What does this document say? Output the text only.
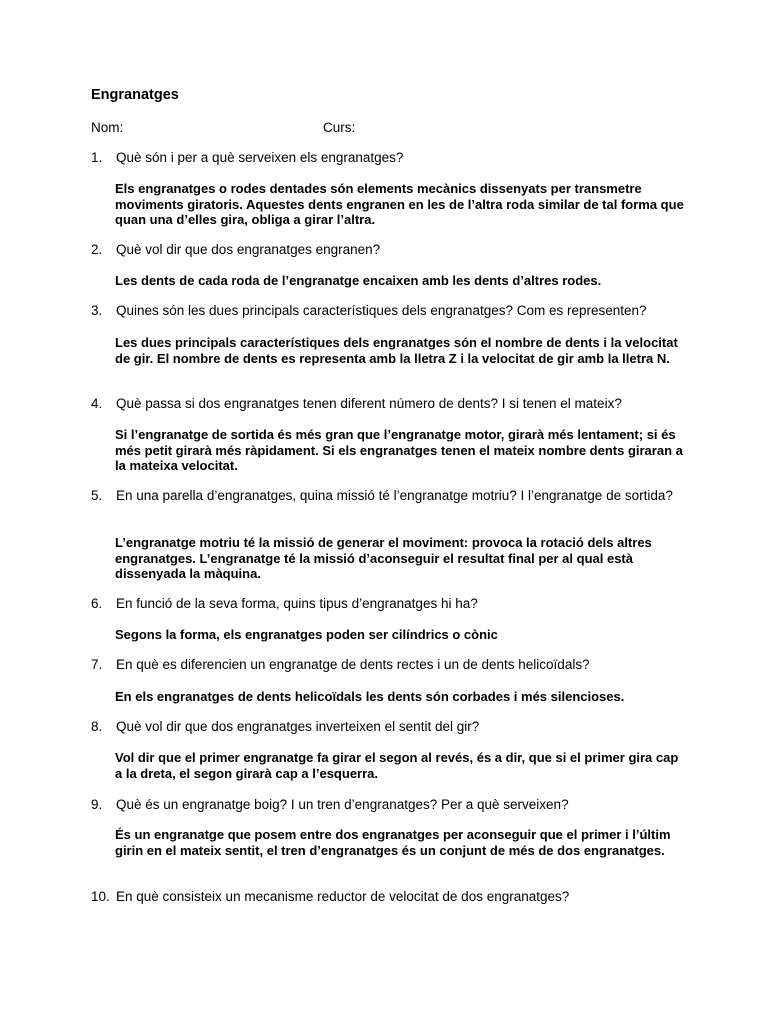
Engranatges
Nom:	Curs:
1. Què són i per a què serveixen els engranatges?
Els engranatges o rodes dentades són elements mecànics dissenyats per transmetre moviments giratoris. Aquestes dents engranen en les de l’altra roda similar de tal forma que quan una d’elles gira, obliga a girar l’altra.
2. Què vol dir que dos engranatges engranen?
Les dents de cada roda de l’engranatge encaixen amb les dents d’altres rodes.
3. Quines són les dues principals característiques dels engranatges? Com es representen?
Les dues principals característiques dels engranatges són el nombre de dents i la velocitat de gir. El nombre de dents es representa amb la lletra Z i la velocitat de gir amb la lletra N.
4. Què passa si dos engranatges tenen diferent número de dents? I si tenen el mateix?
Si l’engranatge de sortida és més gran que l’engranatge motor, girarà més lentament; si és més petit girarà més ràpidament. Si els engranatges tenen el mateix nombre dents giraran a la mateixa velocitat.
5. En una parella d’engranatges, quina missió té l’engranatge motriu? I l’engranatge de sortida?
L’engranatge motriu té la missió de generar el moviment: provoca la rotació dels altres engranatges. L’engranatge té la missió d’aconseguir el resultat final per al qual està dissenyada la màquina.
6. En funció de la seva forma, quins tipus d’engranatges hi ha?
Segons la forma, els engranatges poden ser cilíndrics o cònic
7. En què es diferencien un engranatge de dents rectes i un de dents helicoïdals?
En els engranatges de dents helicoïdals les dents són corbades i més silencioses.
8. Què vol dir que dos engranatges inverteixen el sentit del gir?
Vol dir que el primer engranatge fa girar el segon al revés, és a dir, que si el primer gira cap a la dreta, el segon girarà cap a l’esquerra.
9. Què és un engranatge boig? I un tren d’engranatges? Per a què serveixen?
És un engranatge que posem entre dos engranatges per aconseguir que el primer i l’últim girin en el mateix sentit, el tren d’engranatges és un conjunt de més de dos engranatges.
10. En què consisteix un mecanisme reductor de velocitat de dos engranatges?
